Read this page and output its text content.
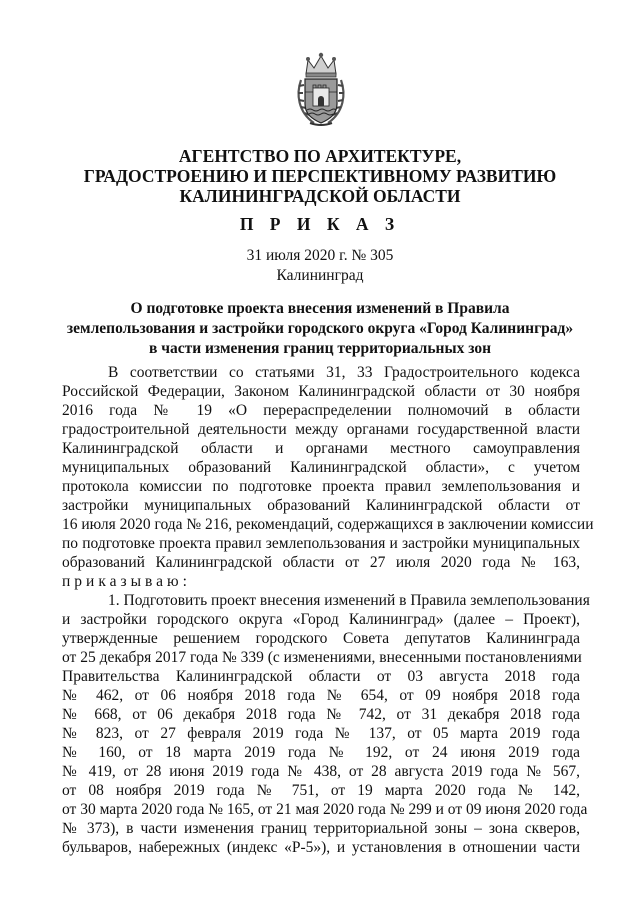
АГЕНТСТВО ПО АРХИТЕКТУРЕ,
ГРАДОСТРОЕНИЮ И ПЕРСПЕКТИВНОМУ РАЗВИТИЮ
КАЛИНИНГРАДСКОЙ ОБЛАСТИ
П Р И К А З
31 июля 2020 г. № 305
Калининград
О подготовке проекта внесения изменений в Правила
землепользования и застройки городского округа «Город Калининград»
в части изменения границ территориальных зон
В соответствии со статьями 31, 33 Градостроительного кодекса
Российской Федерации, Законом Калининградской области от 30 ноября
2016 года № 19 «О перераспределении полномочий в области
градостроительной деятельности между органами государственной власти
Калининградской области и органами местного самоуправления
муниципальных образований Калининградской области», с учетом
протокола комиссии по подготовке проекта правил землепользования и
застройки муниципальных образований Калининградской области от
16 июля 2020 года № 216, рекомендаций, содержащихся в заключении комиссии
по подготовке проекта правил землепользования и застройки муниципальных
образований Калининградской области от 27 июля 2020 года № 163,
приказываю:
1. Подготовить проект внесения изменений в Правила землепользования
и застройки городского округа «Город Калининград» (далее – Проект),
утвержденные решением городского Совета депутатов Калининграда
от 25 декабря 2017 года № 339 (с изменениями, внесенными постановлениями
Правительства Калининградской области от 03 августа 2018 года
№ 462, от 06 ноября 2018 года № 654, от 09 ноября 2018 года
№ 668, от 06 декабря 2018 года № 742, от 31 декабря 2018 года
№ 823, от 27 февраля 2019 года № 137, от 05 марта 2019 года
№ 160, от 18 марта 2019 года № 192, от 24 июня 2019 года
№ 419, от 28 июня 2019 года № 438, от 28 августа 2019 года № 567,
от 08 ноября 2019 года № 751, от 19 марта 2020 года № 142,
от 30 марта 2020 года № 165, от 21 мая 2020 года № 299 и от 09 июня 2020 года
№ 373), в части изменения границ территориальной зоны – зона скверов,
бульваров, набережных (индекс «Р-5»), и установления в отношении части
